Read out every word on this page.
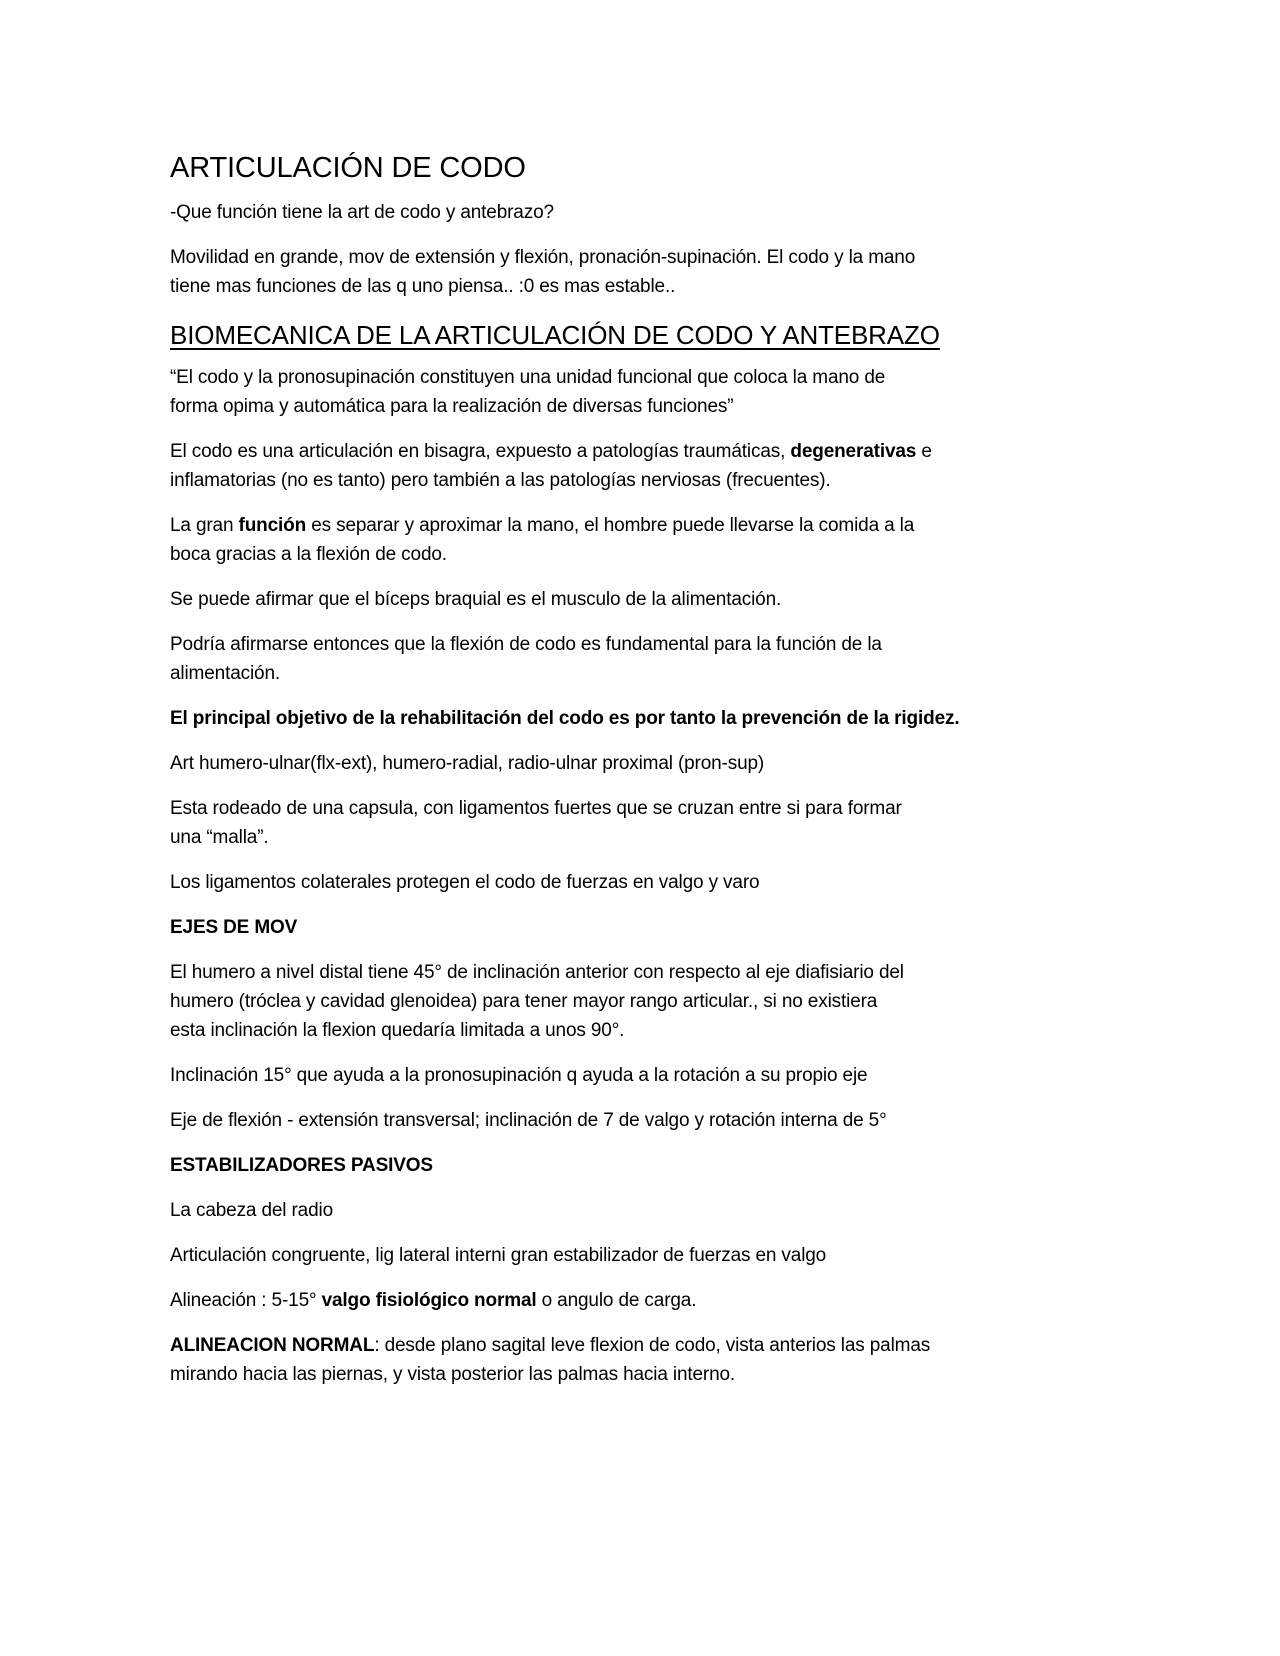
ARTICULACIÓN DE CODO
-Que función tiene la art de codo y antebrazo?
Movilidad en grande, mov de extensión y flexión, pronación-supinación. El codo y la mano
tiene mas funciones de las q uno piensa.. :0 es mas estable..
BIOMECANICA DE LA ARTICULACIÓN DE CODO Y ANTEBRAZO
“El codo y la pronosupinación constituyen una unidad funcional que coloca la mano de
forma opima y automática para la realización de diversas funciones”
El codo es una articulación en bisagra, expuesto a patologías traumáticas, degenerativas e
inflamatorias (no es tanto) pero también a las patologías nerviosas (frecuentes).
La gran función es separar y aproximar la mano, el hombre puede llevarse la comida a la
boca gracias a la flexión de codo.
Se puede afirmar que el bíceps braquial es el musculo de la alimentación.
Podría afirmarse entonces que la flexión de codo es fundamental para la función de la
alimentación.
El principal objetivo de la rehabilitación del codo es por tanto la prevención de la rigidez.
Art humero-ulnar(flx-ext), humero-radial, radio-ulnar proximal (pron-sup)
Esta rodeado de una capsula, con ligamentos fuertes que se cruzan entre si para formar
una “malla”.
Los ligamentos colaterales protegen el codo de fuerzas en valgo y varo
EJES DE MOV
El humero a nivel distal tiene 45° de inclinación anterior con respecto al eje diafisiario del
humero (tróclea y cavidad glenoidea) para tener mayor rango articular., si no existiera
esta inclinación la flexion quedaría limitada a unos 90°.
Inclinación 15° que ayuda a la pronosupinación q ayuda a la rotación a su propio eje
Eje de flexión - extensión transversal; inclinación de 7 de valgo y rotación interna de 5°
ESTABILIZADORES PASIVOS
La cabeza del radio
Articulación congruente, lig lateral interni gran estabilizador de fuerzas en valgo
Alineación : 5-15° valgo fisiológico normal o angulo de carga.
ALINEACION NORMAL: desde plano sagital leve flexion de codo, vista anterios las palmas
mirando hacia las piernas, y vista posterior las palmas hacia interno.
